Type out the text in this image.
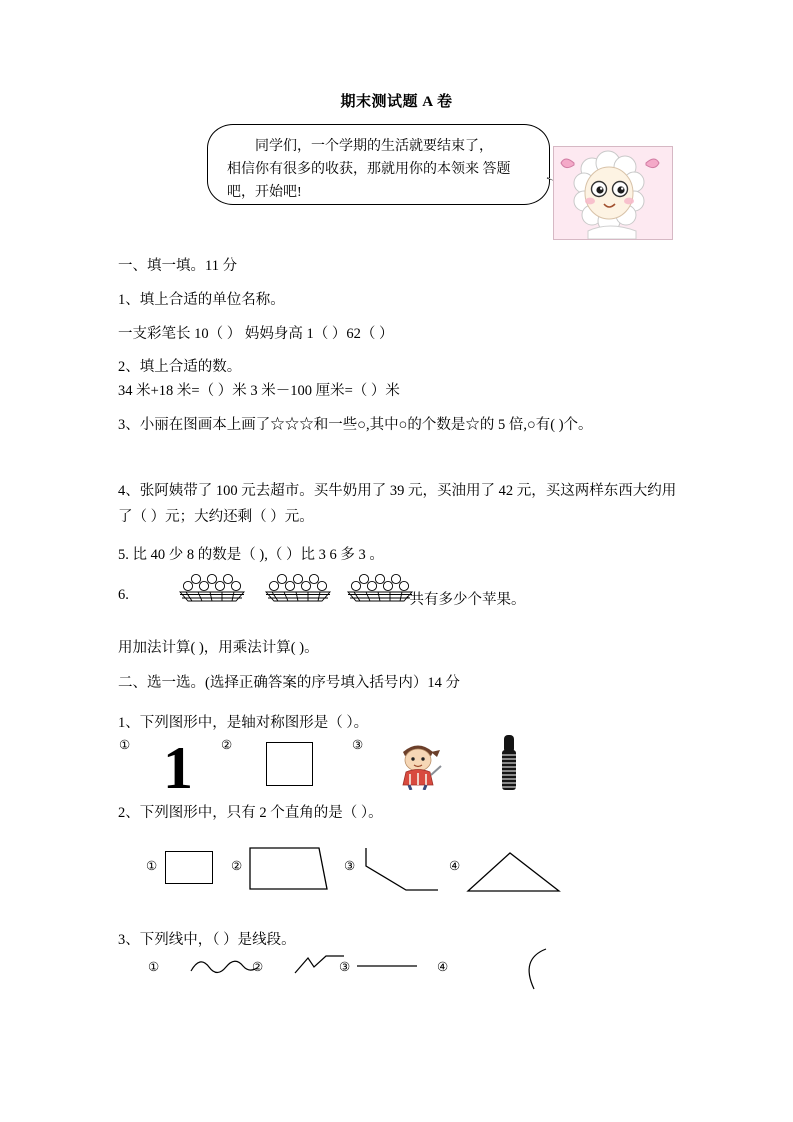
期末测试题 A 卷
同学们，一个学期的生活就要结束了，
相信你有很多的收获，那就用你的本领来 答题吧，开始吧!
一、填一填。11 分
1、填上合适的单位名称。
一支彩笔长 10（ ） 妈妈身高 1（ ）62（ ）
2、填上合适的数。
34 米+18 米=（ ）米 3 米－100 厘米=（ ）米
3、小丽在图画本上画了☆☆☆和一些○,其中○的个数是☆的 5 倍,○有( )个。
4、张阿姨带了 100 元去超市。买牛奶用了 39 元，买油用了 42 元，买这两样东西大约用了（ ）元；大约还剩（ ）元。
5. 比 40 少 8 的数是（ ),（ ）比 3 6 多 3 。
6.	一共有多少个苹果。
用加法计算( )，用乘法计算( )。
二、选一选。(选择正确答案的序号填入括号内）14 分
1、下列图形中，是轴对称图形是（ ）。
① 1 ②	③
2、下列图形中，只有 2 个直角的是（ ）。
①	②	③	④
3、下列线中，（ ）是线段。
①	②	③	④
